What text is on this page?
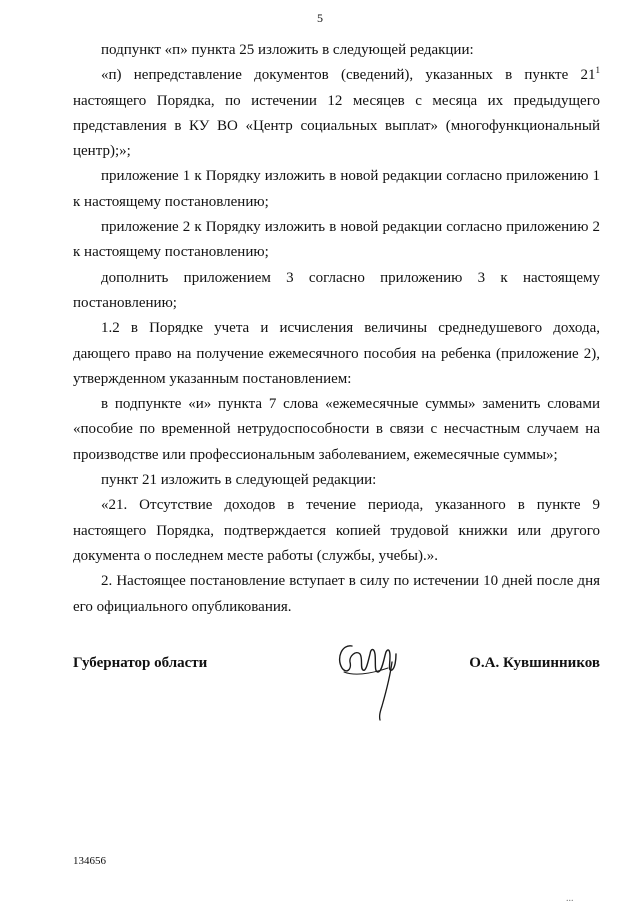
5

подпункт «п» пункта 25 изложить в следующей редакции:

«п) непредставление документов (сведений), указанных в пункте $21^1$ настоящего Порядка, по истечении 12 месяцев с месяца их предыдущего представления в КУ ВО «Центр социальных выплат» (многофункциональный центр);»;

приложение 1 к Порядку изложить в новой редакции согласно приложению 1 к настоящему постановлению;

приложение 2 к Порядку изложить в новой редакции согласно приложению 2 к настоящему постановлению;

дополнить приложением 3 согласно приложению 3 к настоящему постановлению;

1.2 в Порядке учета и исчисления величины среднедушевого дохода, дающего право на получение ежемесячного пособия на ребенка (приложение 2), утвержденном указанным постановлением:

в подпункте «и» пункта 7 слова «ежемесячные суммы» заменить словами «пособие по временной нетрудоспособности в связи с несчастным случаем на производстве или профессиональным заболеванием, ежемесячные суммы»;

пункт 21 изложить в следующей редакции:

«21. Отсутствие доходов в течение периода, указанного в пункте 9 настоящего Порядка, подтверждается копией трудовой книжки или другого документа о последнем месте работы (службы, учебы).».

2. Настоящее постановление вступает в силу по истечении 10 дней после дня его официального опубликования.

Губернатор области	О.А. Кувшинников
134656
...
